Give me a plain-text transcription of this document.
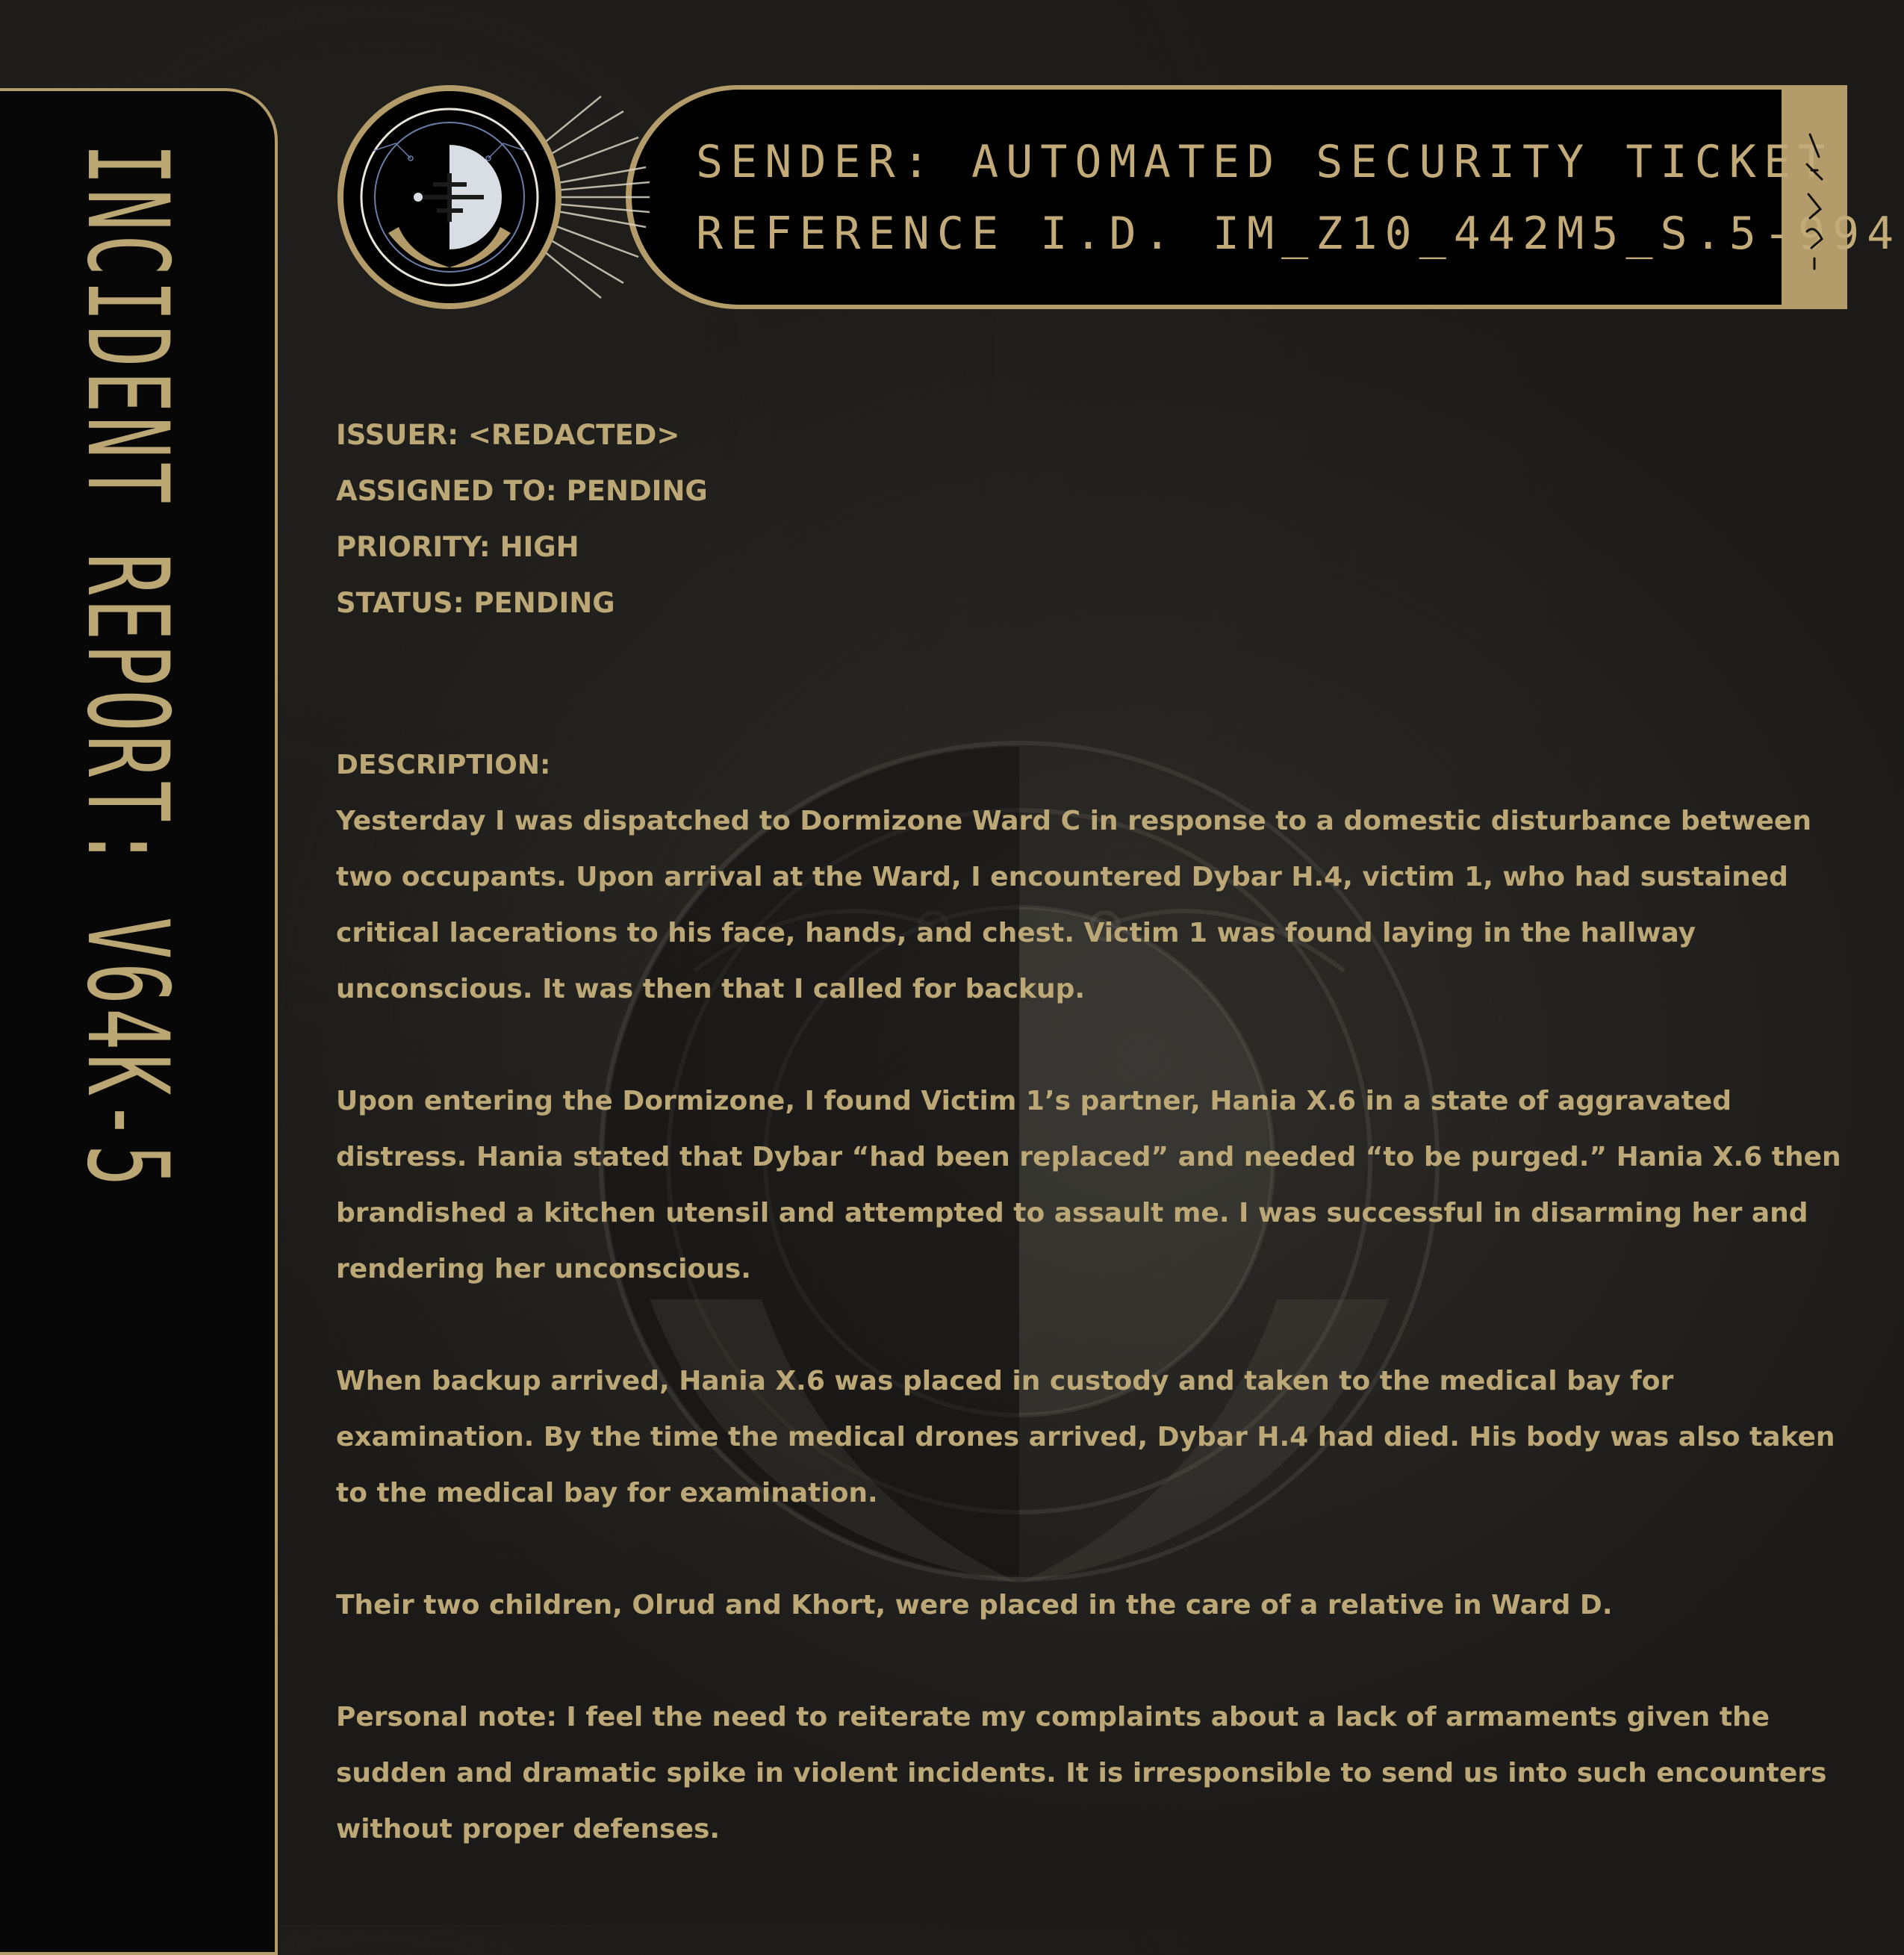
INCIDENT REPORT: V64K-5	SENDER: AUTOMATED SECURITY TICKET
REFERENCE I.D. IM_Z10_442M5_S.5-994
ISSUER: <REDACTED>
ASSIGNED TO: PENDING
PRIORITY: HIGH
STATUS: PENDING

DESCRIPTION:

Yesterday I was dispatched to Dormizone Ward C in response to a domestic disturbance between two occupants. Upon arrival at the Ward, I encountered Dybar H.4, victim 1, who had sustained critical lacerations to his face, hands, and chest. Victim 1 was found laying in the hallway unconscious. It was then that I called for backup.

Upon entering the Dormizone, I found Victim 1’s partner, Hania X.6 in a state of aggravated distress. Hania stated that Dybar “had been replaced” and needed “to be purged.” Hania X.6 then brandished a kitchen utensil and attempted to assault me. I was successful in disarming her and rendering her unconscious.

When backup arrived, Hania X.6 was placed in custody and taken to the medical bay for examination. By the time the medical drones arrived, Dybar H.4 had died. His body was also taken to the medical bay for examination.

Their two children, Olrud and Khort, were placed in the care of a relative in Ward D.

Personal note: I feel the need to reiterate my complaints about a lack of armaments given the sudden and dramatic spike in violent incidents. It is irresponsible to send us into such encounters without proper defenses.
